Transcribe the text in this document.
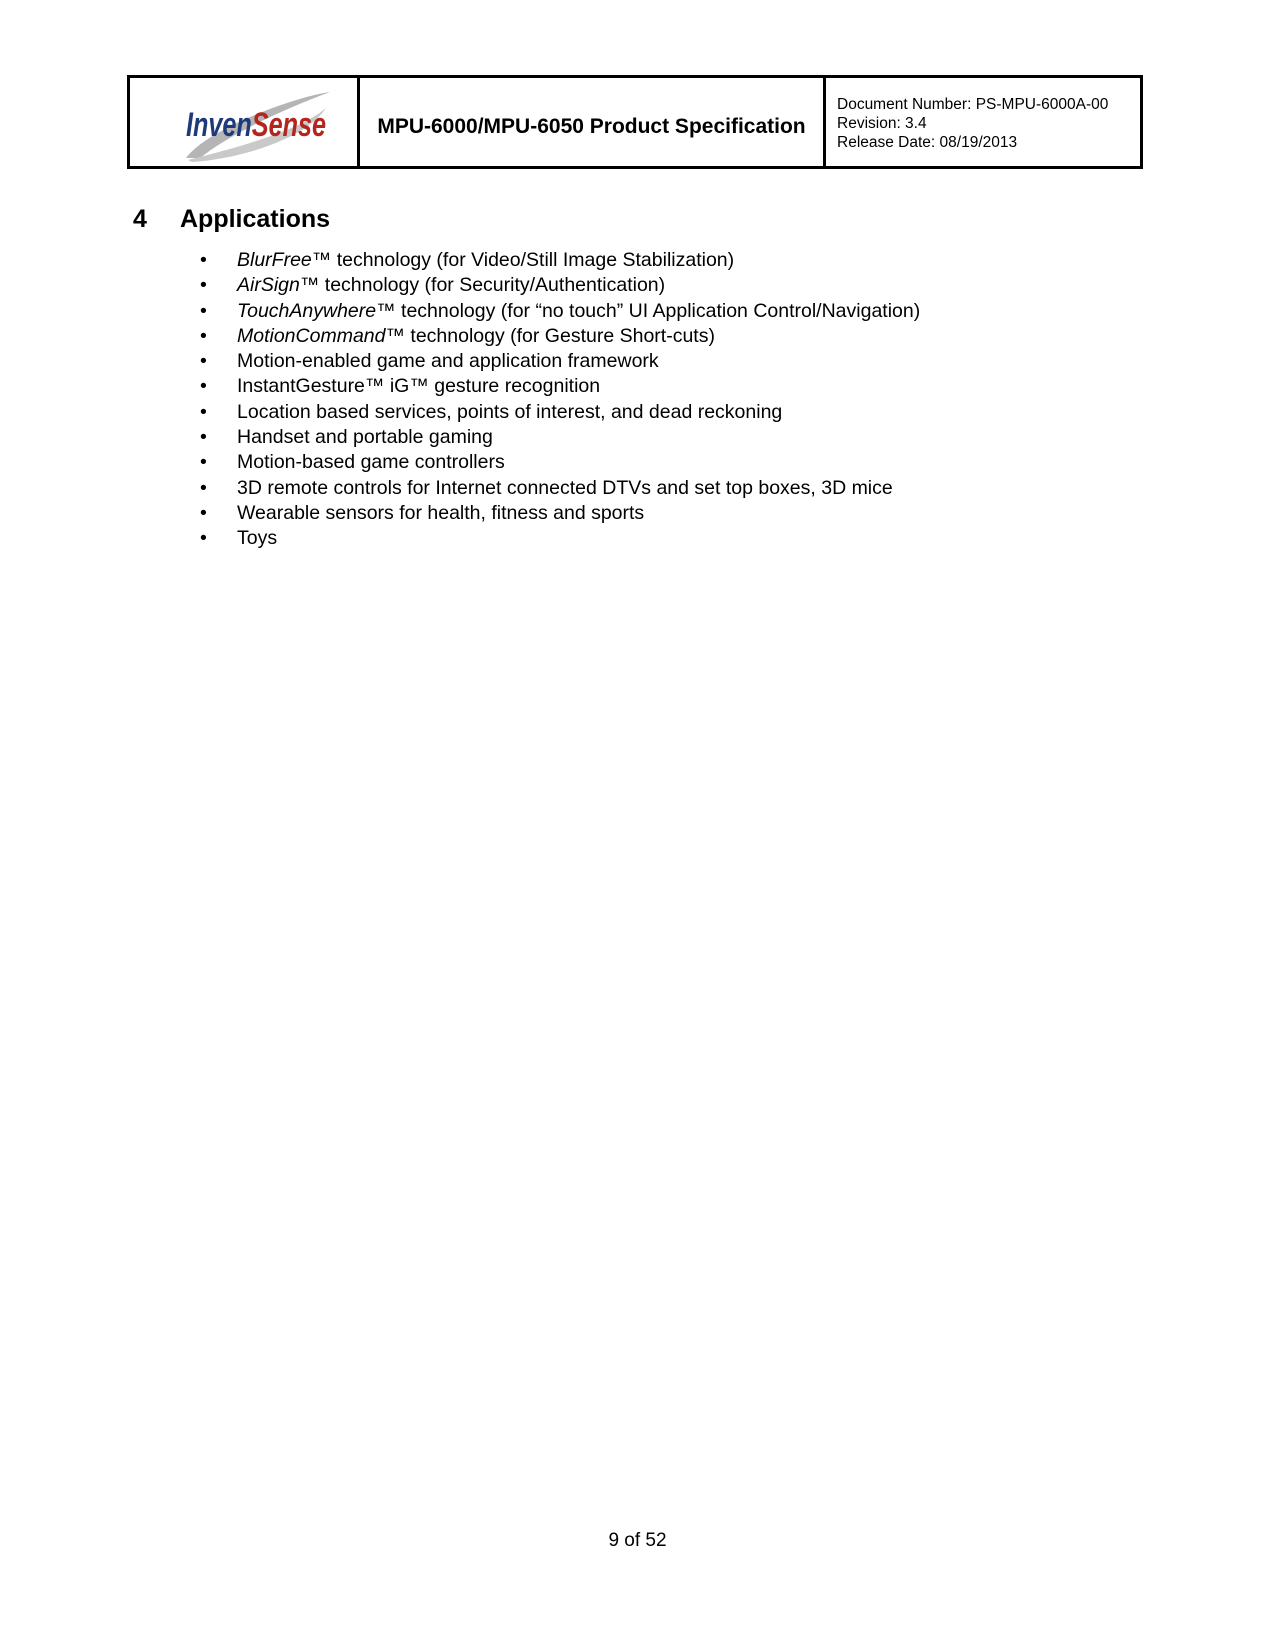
InvenSense	MPU-6000/MPU-6050 Product Specification
Document Number: PS-MPU-6000A-00
Revision: 3.4
Release Date: 08/19/2013
4 Applications
• BlurFree™ technology (for Video/Still Image Stabilization)
• AirSign™ technology (for Security/Authentication)
• TouchAnywhere™ technology (for “no touch” UI Application Control/Navigation)
• MotionCommand™ technology (for Gesture Short-cuts)
• Motion-enabled game and application framework
• InstantGesture™ iG™ gesture recognition
• Location based services, points of interest, and dead reckoning
• Handset and portable gaming
• Motion-based game controllers
• 3D remote controls for Internet connected DTVs and set top boxes, 3D mice
• Wearable sensors for health, fitness and sports
• Toys
9 of 52
